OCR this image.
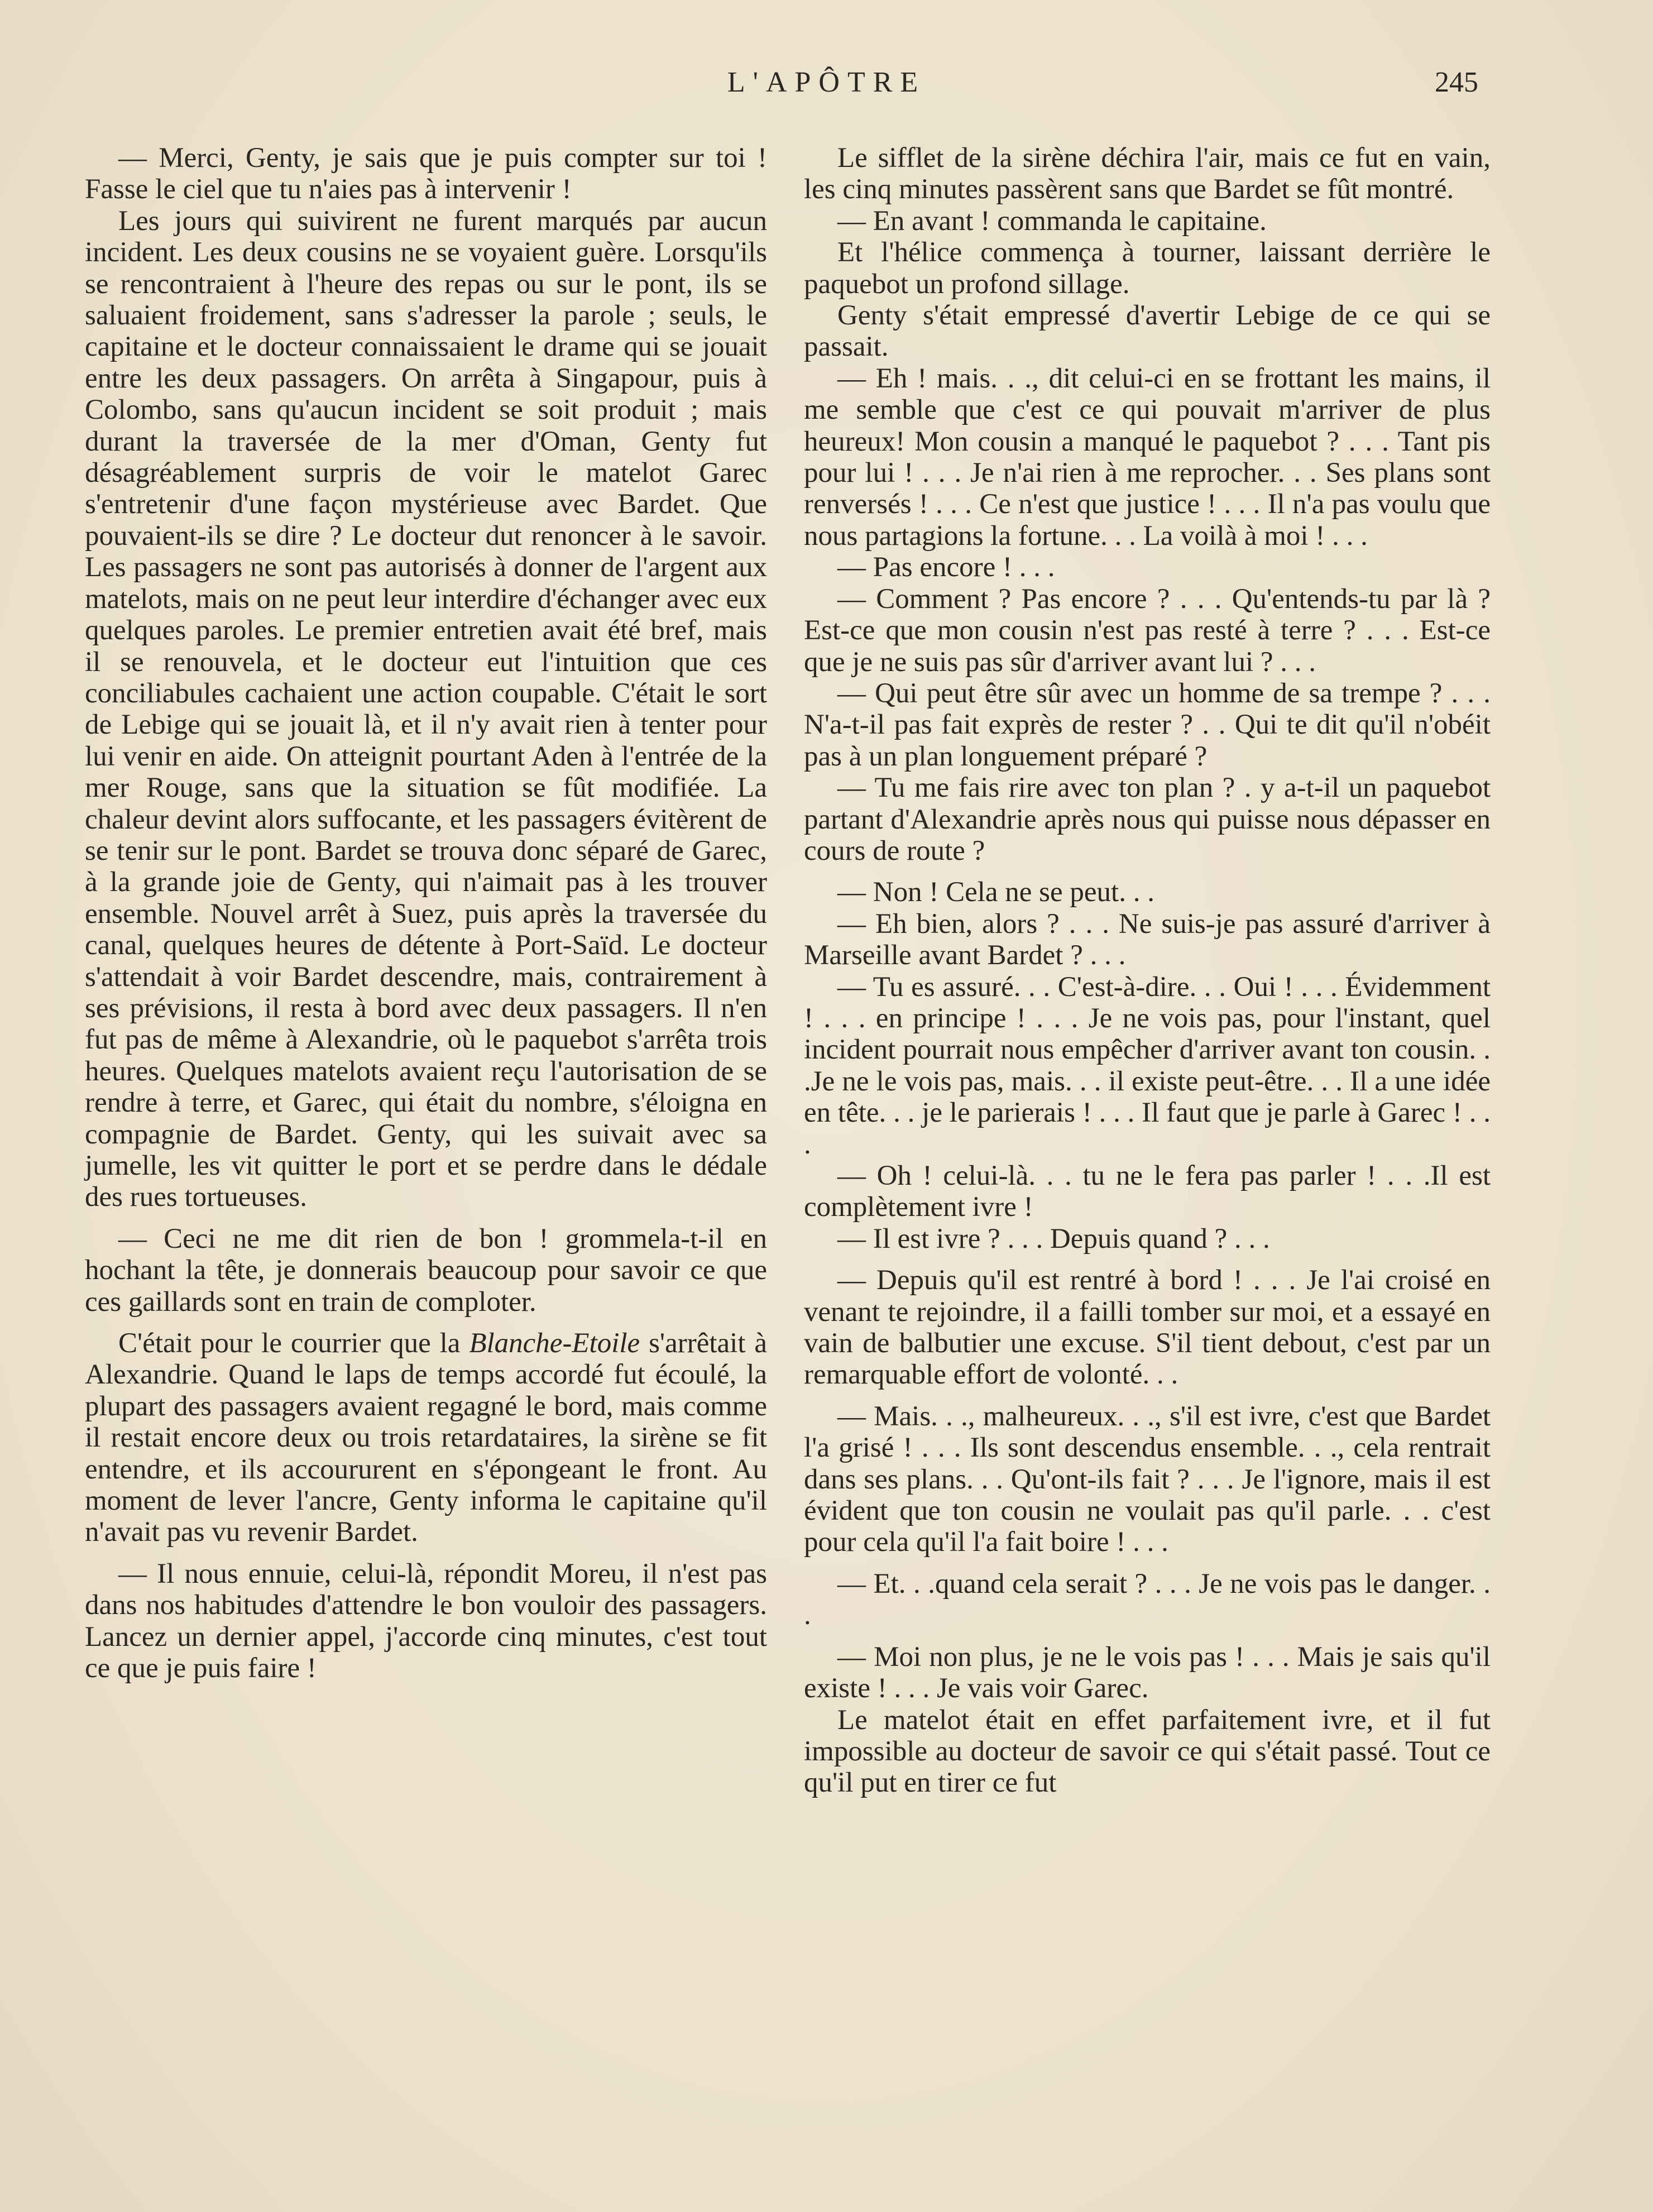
L'APÔTRE	245

— Merci, Genty, je sais que je puis compter sur toi ! Fasse le ciel que tu n'aies pas à intervenir !

Les jours qui suivirent ne furent marqués par aucun incident. Les deux cousins ne se voyaient guère. Lorsqu'ils se rencontraient à l'heure des repas ou sur le pont, ils se saluaient froidement, sans s'adresser la parole ; seuls, le capitaine et le docteur connaissaient le drame qui se jouait entre les deux passagers. On arrêta à Singapour, puis à Colombo, sans qu'aucun incident se soit produit ; mais durant la traversée de la mer d'Oman, Genty fut désagréablement surpris de voir le matelot Garec s'entretenir d'une façon mystérieuse avec Bardet. Que pouvaient-ils se dire ? Le docteur dut renoncer à le savoir. Les passagers ne sont pas autorisés à donner de l'argent aux matelots, mais on ne peut leur interdire d'échanger avec eux quelques paroles. Le premier entretien avait été bref, mais il se renouvela, et le docteur eut l'intuition que ces conciliabules cachaient une action coupable. C'était le sort de Lebige qui se jouait là, et il n'y avait rien à tenter pour lui venir en aide. On atteignit pourtant Aden à l'entrée de la mer Rouge, sans que la situation se fût modifiée. La chaleur devint alors suffocante, et les passagers évitèrent de se tenir sur le pont. Bardet se trouva donc séparé de Garec, à la grande joie de Genty, qui n'aimait pas à les trouver ensemble. Nouvel arrêt à Suez, puis après la traversée du canal, quelques heures de détente à Port-Saïd. Le docteur s'attendait à voir Bardet descendre, mais, contrairement à ses prévisions, il resta à bord avec deux passagers. Il n'en fut pas de même à Alexandrie, où le paquebot s'arrêta trois heures. Quelques matelots avaient reçu l'autorisation de se rendre à terre, et Garec, qui était du nombre, s'éloigna en compagnie de Bardet. Genty, qui les suivait avec sa jumelle, les vit quitter le port et se perdre dans le dédale des rues tortueuses.

— Ceci ne me dit rien de bon ! grommela-t-il en hochant la tête, je donnerais beaucoup pour savoir ce que ces gaillards sont en train de comploter.

C'était pour le courrier que la Blanche-Etoile s'arrêtait à Alexandrie. Quand le laps de temps accordé fut écoulé, la plupart des passagers avaient regagné le bord, mais comme il restait encore deux ou trois retardataires, la sirène se fit entendre, et ils accoururent en s'épongeant le front. Au moment de lever l'ancre, Genty informa le capitaine qu'il n'avait pas vu revenir Bardet.

— Il nous ennuie, celui-là, répondit Moreu, il n'est pas dans nos habitudes d'attendre le bon vouloir des passagers. Lancez un dernier appel, j'accorde cinq minutes, c'est tout ce que je puis faire !

Le sifflet de la sirène déchira l'air, mais ce fut en vain, les cinq minutes passèrent sans que Bardet se fût montré.

— En avant ! commanda le capitaine.

Et l'hélice commença à tourner, laissant derrière le paquebot un profond sillage.

Genty s'était empressé d'avertir Lebige de ce qui se passait.

— Eh ! mais. . ., dit celui-ci en se frottant les mains, il me semble que c'est ce qui pouvait m'arriver de plus heureux! Mon cousin a manqué le paquebot ? . . . Tant pis pour lui ! . . . Je n'ai rien à me reprocher. . . Ses plans sont renversés ! . . . Ce n'est que justice ! . . . Il n'a pas voulu que nous partagions la fortune. . . La voilà à moi ! . . .

— Pas encore ! . . .

— Comment ? Pas encore ? . . . Qu'entends-tu par là ? Est-ce que mon cousin n'est pas resté à terre ? . . . Est-ce que je ne suis pas sûr d'arriver avant lui ? . . .

— Qui peut être sûr avec un homme de sa trempe ? . . . N'a-t-il pas fait exprès de rester ? . . Qui te dit qu'il n'obéit pas à un plan longuement préparé ?

— Tu me fais rire avec ton plan ? . y a-t-il un paquebot partant d'Alexandrie après nous qui puisse nous dépasser en cours de route ?

— Non ! Cela ne se peut. . .

— Eh bien, alors ? . . . Ne suis-je pas assuré d'arriver à Marseille avant Bardet ? . . .

— Tu es assuré. . . C'est-à-dire. . . Oui ! . . . Évidemment ! . . . en principe ! . . . Je ne vois pas, pour l'instant, quel incident pourrait nous empêcher d'arriver avant ton cousin. . .Je ne le vois pas, mais. . . il existe peut-être. . . Il a une idée en tête. . . je le parierais ! . . . Il faut que je parle à Garec ! . . .

— Oh ! celui-là. . . tu ne le fera pas parler ! . . .Il est complètement ivre !

— Il est ivre ? . . . Depuis quand ? . . .

— Depuis qu'il est rentré à bord ! . . . Je l'ai croisé en venant te rejoindre, il a failli tomber sur moi, et a essayé en vain de balbutier une excuse. S'il tient debout, c'est par un remarquable effort de volonté. . .

— Mais. . ., malheureux. . ., s'il est ivre, c'est que Bardet l'a grisé ! . . . Ils sont descendus ensemble. . ., cela rentrait dans ses plans. . . Qu'ont-ils fait ? . . . Je l'ignore, mais il est évident que ton cousin ne voulait pas qu'il parle. . . c'est pour cela qu'il l'a fait boire ! . . .

— Et. . .quand cela serait ? . . . Je ne vois pas le danger. . .

— Moi non plus, je ne le vois pas ! . . . Mais je sais qu'il existe ! . . . Je vais voir Garec.

Le matelot était en effet parfaitement ivre, et il fut impossible au docteur de savoir ce qui s'était passé. Tout ce qu'il put en tirer ce fut
